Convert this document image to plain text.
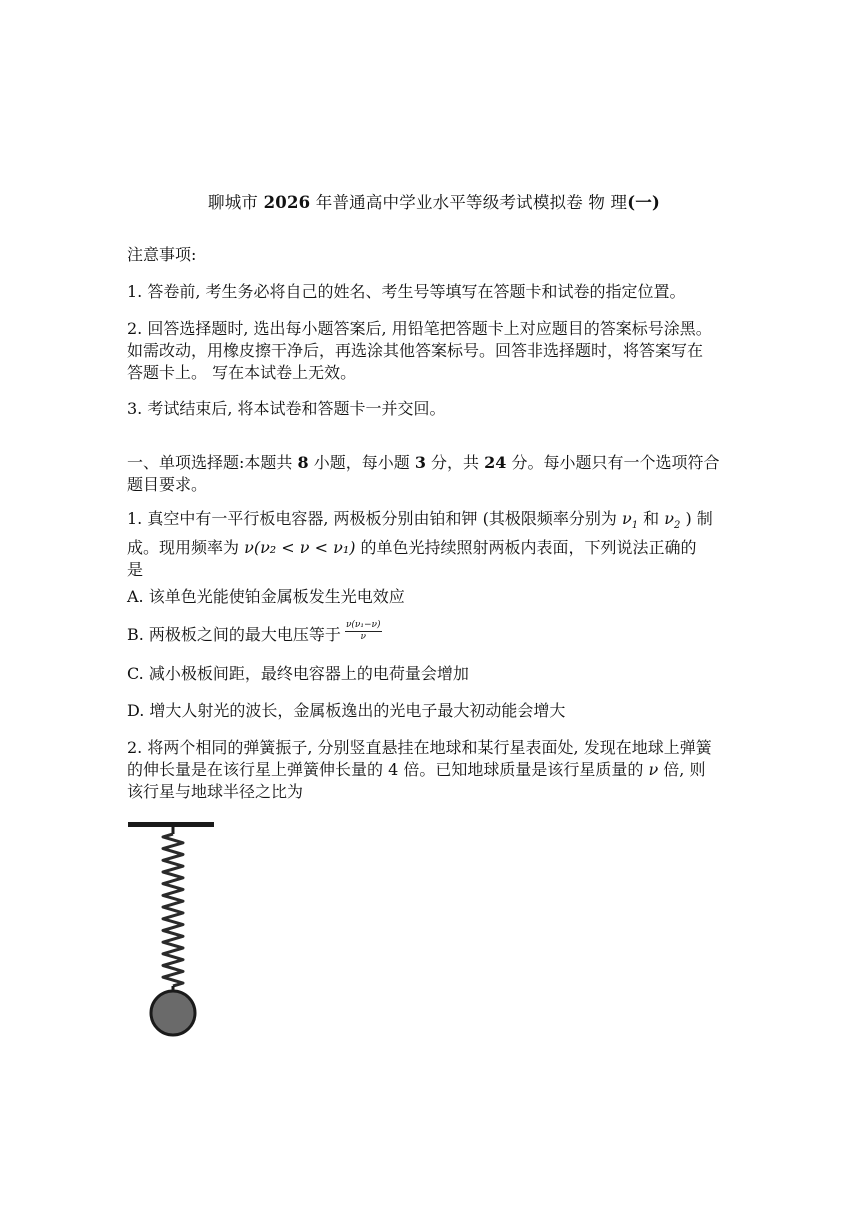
聊城市 2026 年普通高中学业水平等级考试模拟卷 物 理(一)
注意事项:
1. 答卷前, 考生务必将自己的姓名、考生号等填写在答题卡和试卷的指定位置。
2. 回答选择题时, 选出每小题答案后, 用铅笔把答题卡上对应题目的答案标号涂黑。
如需改动，用橡皮擦干净后，再选涂其他答案标号。回答非选择题时，将答案写在
答题卡上。 写在本试卷上无效。
3. 考试结束后, 将本试卷和答题卡一并交回。
一、单项选择题:本题共 8 小题，每小题 3 分，共 24 分。每小题只有一个选项符合
题目要求。
1. 真空中有一平行板电容器, 两极板分别由铂和钾 (其极限频率分别为 $\nu_1$ 和 $\nu_2$ ) 制
成。现用频率为 ν(ν₂ < ν < ν₁) 的单色光持续照射两板内表面，下列说法正确的
是
A. 该单色光能使铂金属板发生光电效应
B. 两极板之间的最大电压等于 $\frac{\text{ν(ν₁−ν)}}{\nu}$
C. 减小极板间距，最终电容器上的电荷量会增加
D. 增大人射光的波长，金属板逸出的光电子最大初动能会增大
2. 将两个相同的弹簧振子, 分别竖直悬挂在地球和某行星表面处, 发现在地球上弹簧
的伸长量是在该行星上弹簧伸长量的 4 倍。已知地球质量是该行星质量的 ν 倍, 则
该行星与地球半径之比为
